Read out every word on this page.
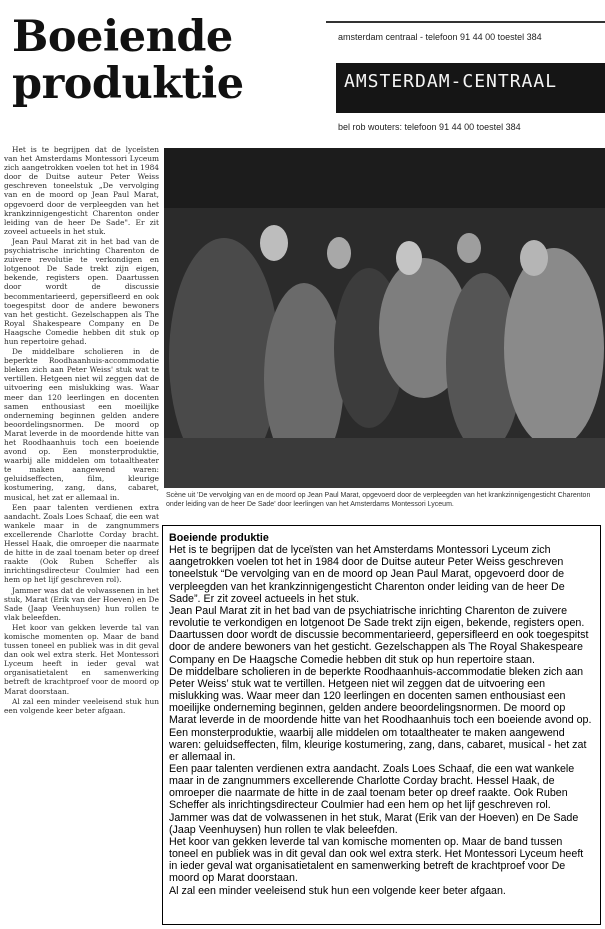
Boeiende
produktie
amsterdam centraal - telefoon 91 44 00 toestel 384
AMSTERDAM-CENTRAAL
bel rob wouters: telefoon 91 44 00 toestel 384
Scène uit 'De vervolging van en de moord op Jean Paul Marat, opgevoerd door de verpleegden van het krankzinnigengesticht Charenton onder leiding van de heer De Sade' door leerlingen van het Amsterdams Montessori Lyceum.

Het is te begrijpen dat de lyceïsten van het Amsterdams Montessori Lyceum zich aangetrokken voelen tot het in 1984 door de Duitse auteur Peter Weiss geschreven toneelstuk „De vervolging van en de moord op Jean Paul Marat, opgevoerd door de verpleegden van het krankzinnigengesticht Charenton onder leiding van de heer De Sade". Er zit zoveel actueels in het stuk.

Jean Paul Marat zit in het bad van de psychiatrische inrichting Charenton de zuivere revolutie te verkondigen en lotgenoot De Sade trekt zijn eigen, bekende, registers open. Daartussen door wordt de discussie becommentarieerd, gepersifleerd en ook toegespitst door de andere bewoners van het gesticht. Gezelschappen als The Royal Shakespeare Company en De Haagsche Comedie hebben dit stuk op hun repertoire gehad.

De middelbare scholieren in de beperkte Roodhaanhuis-accommodatie bleken zich aan Peter Weiss' stuk wat te vertillen. Hetgeen niet wil zeggen dat de uitvoering een mislukking was. Waar meer dan 120 leerlingen en docenten samen enthousiast een moeilijke onderneming beginnen gelden andere beoordelingsnormen. De moord op Marat leverde in de moordende hitte van het Roodhaanhuis toch een boeiende avond op. Een monsterproduktie, waarbij alle middelen om totaaltheater te maken aangewend waren: geluidseffecten, film, kleurige kostumering, zang, dans, cabaret, musical, het zat er allemaal in.

Een paar talenten verdienen extra aandacht. Zoals Loes Schaaf, die een wat wankele maar in de zangnummers excellerende Charlotte Corday bracht. Hessel Haak, die omroeper die naarmate de hitte in de zaal toenam beter op dreef raakte (Ook Ruben Scheffer als inrichtingsdirecteur Coulmier had een hem op het lijf geschreven rol).

Jammer was dat de volwassenen in het stuk, Marat (Erik van der Hoeven) en De Sade (Jaap Veenhuysen) hun rollen te vlak beleefden.

Het koor van gekken leverde tal van komische momenten op. Maar de band tussen toneel en publiek was in dit geval dan ook wel extra sterk. Het Montessori Lyceum heeft in ieder geval wat organisatietalent en samenwerking betreft de krachtproef voor de moord op Marat doorstaan.

Al zal een minder veeleisend stuk hun een volgende keer beter afgaan.

Boeiende produktie

Het is te begrijpen dat de lyceïsten van het Amsterdams Montessori Lyceum zich aangetrokken voelen tot het in 1984 door de Duitse auteur Peter Weiss geschreven toneelstuk “De vervolging van en de moord op Jean Paul Marat, opgevoerd door de verpleegden van het krankzinnigengesticht Charenton onder leiding van de heer De Sade”. Er zit zoveel actueels in het stuk.

Jean Paul Marat zit in het bad van de psychiatrische inrichting Charenton de zuivere revolutie te verkondigen en lotgenoot De Sade trekt zijn eigen, bekende, registers open. Daartussen door wordt de discussie becommentarieerd, gepersifleerd en ook toegespitst door de andere bewoners van het gesticht. Gezelschappen als The Royal Shakespeare Company en De Haagsche Comedie hebben dit stuk op hun repertoire staan.

De middelbare scholieren in de beperkte Roodhaanhuis-accommodatie bleken zich aan Peter Weiss’ stuk wat te vertillen. Hetgeen niet wil zeggen dat de uitvoering een mislukking was. Waar meer dan 120 leerlingen en docenten samen enthousiast een moeilijke onderneming beginnen, gelden andere beoordelingsnormen. De moord op Marat leverde in de moordende hitte van het Roodhaanhuis toch een boeiende avond op. Een monsterproduktie, waarbij alle middelen om totaaltheater te maken aangewend waren: geluidseffecten, film, kleurige kostumering, zang, dans, cabaret, musical - het zat er allemaal in.

Een paar talenten verdienen extra aandacht. Zoals Loes Schaaf, die een wat wankele maar in de zangnummers excellerende Charlotte Corday bracht. Hessel Haak, de omroeper die naarmate de hitte in de zaal toenam beter op dreef raakte. Ook Ruben Scheffer als inrichtingsdirecteur Coulmier had een hem op het lijf geschreven rol.

Jammer was dat de volwassenen in het stuk, Marat (Erik van der Hoeven) en De Sade (Jaap Veenhuysen) hun rollen te vlak beleefden.

Het koor van gekken leverde tal van komische momenten op. Maar de band tussen toneel en publiek was in dit geval dan ook wel extra sterk. Het Montessori Lyceum heeft in ieder geval wat organisatietalent en samenwerking betreft de krachtproef voor De moord op Marat doorstaan.

Al zal een minder veeleisend stuk hun een volgende keer beter afgaan.
